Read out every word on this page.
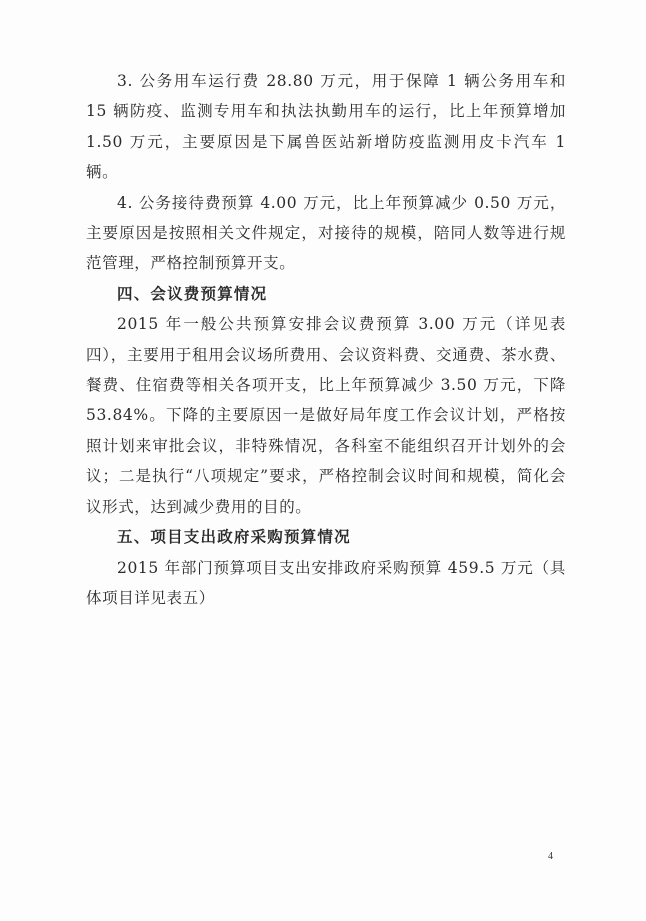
3. 公务用车运行费 28.80 万元，用于保障 1 辆公务用车和 15 辆防疫、监测专用车和执法执勤用车的运行，比上年预算增加 1.50 万元，主要原因是下属兽医站新增防疫监测用皮卡汽车 1 辆。

4. 公务接待费预算 4.00 万元，比上年预算减少 0.50 万元，主要原因是按照相关文件规定，对接待的规模，陪同人数等进行规范管理，严格控制预算开支。

四、会议费预算情况

2015 年一般公共预算安排会议费预算 3.00 万元（详见表四），主要用于租用会议场所费用、会议资料费、交通费、茶水费、餐费、住宿费等相关各项开支，比上年预算减少 3.50 万元，下降 53.84%。下降的主要原因一是做好局年度工作会议计划，严格按照计划来审批会议，非特殊情况，各科室不能组织召开计划外的会议；二是执行“八项规定”要求，严格控制会议时间和规模，简化会议形式，达到减少费用的目的。

五、项目支出政府采购预算情况

2015 年部门预算项目支出安排政府采购预算 459.5 万元（具体项目详见表五）

4
